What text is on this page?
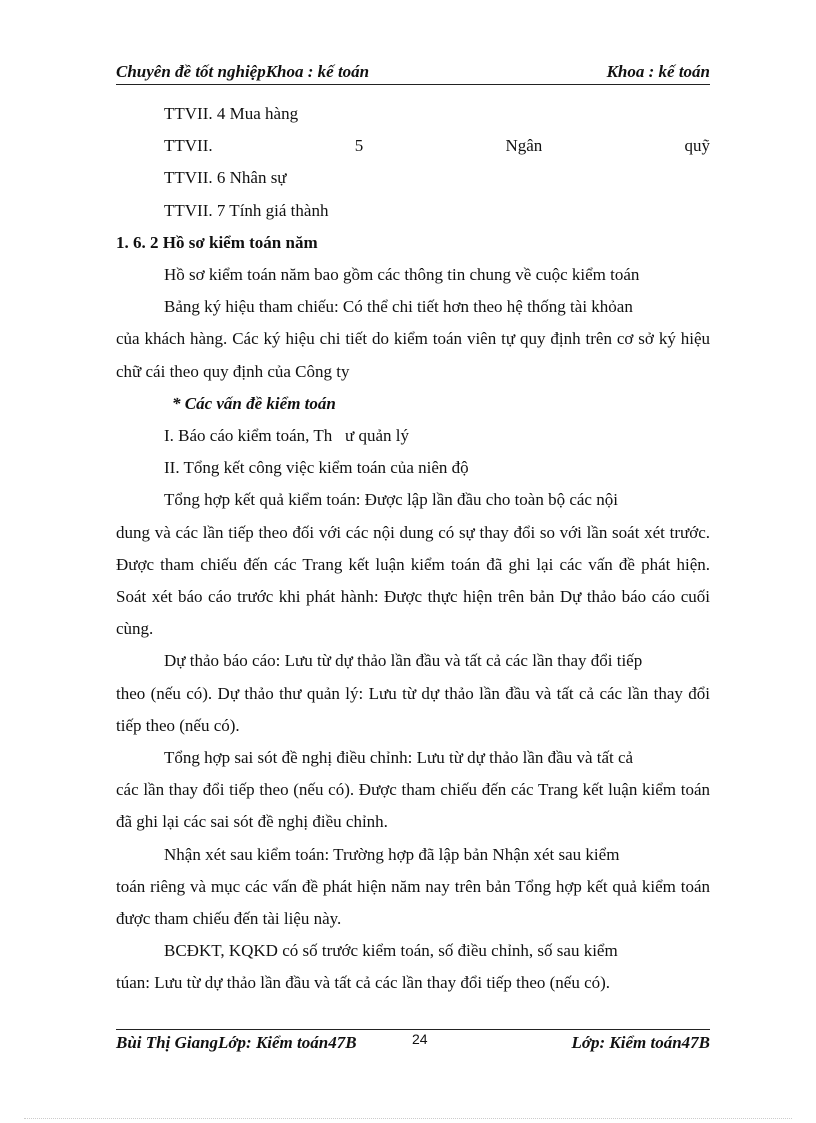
Chuyên đề tốt nghiệpKhoa : kế toán	Khoa : kế toán

TTVII. 4 Mua hàng

TTVII.	5	Ngân	quỹ

TTVII. 6 Nhân sự

TTVII. 7 Tính giá thành

1. 6. 2 Hồ sơ kiểm toán năm

Hồ sơ kiểm toán năm bao gồm các thông tin chung về cuộc kiểm toán

Bảng ký hiệu tham chiếu: Có thể chi tiết hơn theo hệ thống tài khỏan

của khách hàng. Các ký hiệu chi tiết do kiểm toán viên tự quy định trên cơ sở ký hiệu chữ cái theo quy định của Công ty

* Các vấn đề kiểm toán

I. Báo cáo kiểm toán, Th   ư quản lý

II. Tổng kết công việc kiểm toán của niên độ

Tổng hợp kết quả kiểm toán: Được lập lần đầu cho toàn bộ các nội

dung và các lần tiếp theo đối với các nội dung có sự thay đổi so với lần soát xét trước. Được tham chiếu đến các Trang kết luận kiểm toán đã ghi lại các vấn đề phát hiện. Soát xét báo cáo trước khi phát hành: Được thực hiện trên bản Dự thảo báo cáo cuối cùng.

Dự thảo báo cáo: Lưu từ dự thảo lần đầu và tất cả các lần thay đổi tiếp

theo (nếu có). Dự thảo thư quản lý: Lưu từ dự thảo lần đầu và tất cả các lần thay đổi tiếp theo (nếu có).

Tổng hợp sai sót đề nghị điều chỉnh: Lưu từ dự thảo lần đầu và tất cả

các lần thay đổi tiếp theo (nếu có). Được tham chiếu đến các Trang kết luận kiểm toán đã ghi lại các sai sót đề nghị điều chỉnh.

Nhận xét sau kiểm toán: Trường hợp đã lập bản Nhận xét sau kiểm

toán riêng và mục các vấn đề phát hiện năm nay trên bản Tổng hợp kết quả kiểm toán được tham chiếu đến tài liệu này.

BCĐKT, KQKD có số trước kiểm toán, số điều chỉnh, số sau kiểm

túan: Lưu từ dự thảo lần đầu và tất cả các lần thay đổi tiếp theo (nếu có).

Bùi Thị GiangLớp: Kiểm toán47B	24	Lớp: Kiểm toán47B
